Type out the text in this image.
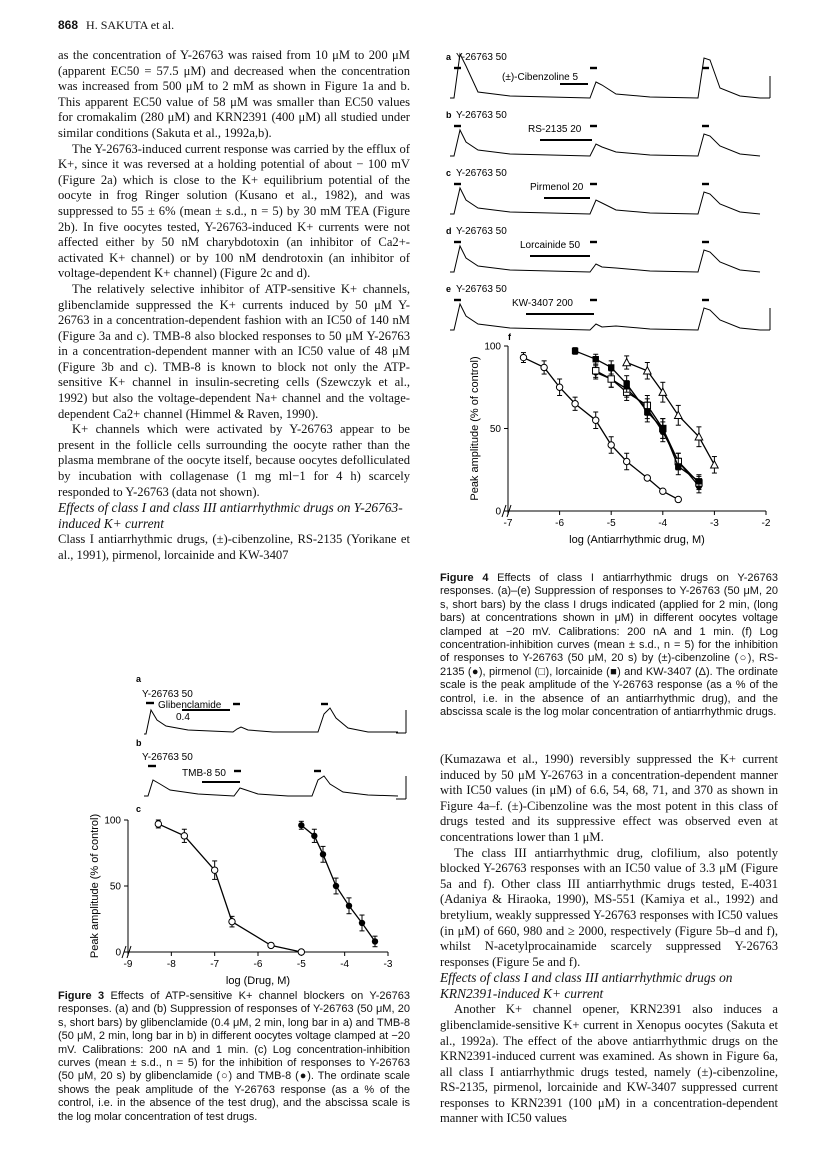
868 H. SAKUTA et al.

as the concentration of Y-26763 was raised from 10 μM to 200 μM (apparent EC50 = 57.5 μM) and decreased when the concentration was increased from 500 μM to 2 mM as shown in Figure 1a and b. This apparent EC50 value of 58 μM was smaller than EC50 values for cromakalim (280 μM) and KRN2391 (400 μM) all studied under similar conditions (Sakuta et al., 1992a,b).

The Y-26763-induced current response was carried by the efflux of K+, since it was reversed at a holding potential of about − 100 mV (Figure 2a) which is close to the K+ equilibrium potential of the oocyte in frog Ringer solution (Kusano et al., 1982), and was suppressed to 55 ± 6% (mean ± s.d., n = 5) by 30 mM TEA (Figure 2b). In five oocytes tested, Y-26763-induced K+ currents were not affected either by 50 nM charybdotoxin (an inhibitor of Ca2+-activated K+ channel) or by 100 nM dendrotoxin (an inhibitor of voltage-dependent K+ channel) (Figure 2c and d).

The relatively selective inhibitor of ATP-sensitive K+ channels, glibenclamide suppressed the K+ currents induced by 50 μM Y-26763 in a concentration-dependent fashion with an IC50 of 140 nM (Figure 3a and c). TMB-8 also blocked responses to 50 μM Y-26763 in a concentration-dependent manner with an IC50 value of 48 μM (Figure 3b and c). TMB-8 is known to block not only the ATP-sensitive K+ channel in insulin-secreting cells (Szewczyk et al., 1992) but also the voltage-dependent Na+ channel and the voltage-dependent Ca2+ channel (Himmel & Raven, 1990).

K+ channels which were activated by Y-26763 appear to be present in the follicle cells surrounding the oocyte rather than the plasma membrane of the oocyte itself, because oocytes defolliculated by incubation with collagenase (1 mg ml−1 for 4 h) scarcely responded to Y-26763 (data not shown).

Effects of class I and class III antiarrhythmic drugs on Y-26763-induced K+ current

Class I antiarrhythmic drugs, (±)-cibenzoline, RS-2135 (Yorikane et al., 1991), pirmenol, lorcainide and KW-3407

a
Y-26763 50
Glibenclamide
0.4
b
Y-26763 50
TMB-8 50
c
-9	-8	-7	-6	-5	-4	-3
0
50
100
log (Drug, M)
Peak amplitude (% of control)
Figure 3 Effects of ATP-sensitive K+ channel blockers on Y-26763 responses. (a) and (b) Suppression of responses of Y-26763 (50 μM, 20 s, short bars) by glibenclamide (0.4 μM, 2 min, long bar in a) and TMB-8 (50 μM, 2 min, long bar in b) in different oocytes voltage clamped at −20 mV. Calibrations: 200 nA and 1 min. (c) Log concentration-inhibition curves (mean ± s.d., n = 5) for the inhibition of responses to Y-26763 (50 μM, 20 s) by glibenclamide (○) and TMB-8 (●). The ordinate scale shows the peak amplitude of the Y-26763 response (as a % of the control, i.e. in the absence of the test drug), and the abscissa scale is the log molar concentration of test drugs.
a Y-26763 50
(±)-Cibenzoline 5
b Y-26763 50
RS-2135 20
c Y-26763 50
Pirmenol 20
d Y-26763 50
Lorcainide 50
e Y-26763 50
KW-3407 200
f
-7	-6	-5	-4	-3	-2
0
50
100
log (Antiarrhythmic drug, M)
Peak amplitude (% of control)
Figure 4 Effects of class I antiarrhythmic drugs on Y-26763 responses. (a)–(e) Suppression of responses to Y-26763 (50 μM, 20 s, short bars) by the class I drugs indicated (applied for 2 min, (long bars) at concentrations shown in μM) in different oocytes voltage clamped at −20 mV. Calibrations: 200 nA and 1 min. (f) Log concentration-inhibition curves (mean ± s.d., n = 5) for the inhibition of responses to Y-26763 (50 μM, 20 s) by (±)-cibenzoline (○), RS-2135 (●), pirmenol (□), lorcainide (■) and KW-3407 (Δ). The ordinate scale is the peak amplitude of the Y-26763 response (as a % of the control, i.e. in the absence of an antiarrhythmic drug), and the abscissa scale is the log molar concentration of antiarrhythmic drugs.

(Kumazawa et al., 1990) reversibly suppressed the K+ current induced by 50 μM Y-26763 in a concentration-dependent manner with IC50 values (in μM) of 6.6, 54, 68, 71, and 370 as shown in Figure 4a–f. (±)-Cibenzoline was the most potent in this class of drugs tested and its suppressive effect was observed even at concentrations lower than 1 μM.

The class III antiarrhythmic drug, clofilium, also potently blocked Y-26763 responses with an IC50 value of 3.3 μM (Figure 5a and f). Other class III antiarrhythmic drugs tested, E-4031 (Adaniya & Hiraoka, 1990), MS-551 (Kamiya et al., 1992) and bretylium, weakly suppressed Y-26763 responses with IC50 values (in μM) of 660, 980 and ≥ 2000, respectively (Figure 5b–d and f), whilst N-acetylprocainamide scarcely suppressed Y-26763 responses (Figure 5e and f).

Effects of class I and class III antiarrhythmic drugs on KRN2391-induced K+ current

Another K+ channel opener, KRN2391 also induces a glibenclamide-sensitive K+ current in Xenopus oocytes (Sakuta et al., 1992a). The effect of the above antiarrhythmic drugs on the KRN2391-induced current was examined. As shown in Figure 6a, all class I antiarrhythmic drugs tested, namely (±)-cibenzoline, RS-2135, pirmenol, lorcainide and KW-3407 suppressed current responses to KRN2391 (100 μM) in a concentration-dependent manner with IC50 values
